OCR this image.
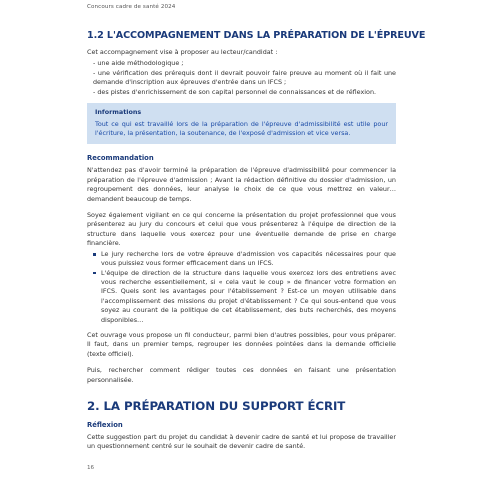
Concours cadre de santé 2024
1.2 L'ACCOMPAGNEMENT DANS LA PRÉPARATION DE L'ÉPREUVE

Cet accompagnement vise à proposer au lecteur/candidat :

- une aide méthodologique ;
- une vérification des prérequis dont il devrait pouvoir faire preuve au moment où il fait une demande d'inscription aux épreuves d'entrée dans un IFCS ;
- des pistes d'enrichissement de son capital personnel de connaissances et de réflexion.
Informations

Tout ce qui est travaillé lors de la préparation de l'épreuve d'admissibilité est utile pour l'écriture, la présentation, la soutenance, de l'exposé d'admission et vice versa.

Recommandation

N'attendez pas d'avoir terminé la préparation de l'épreuve d'admissibilité pour commencer la préparation de l'épreuve d'admission ; Avant la rédaction définitive du dossier d'admission, un regroupement des données, leur analyse le choix de ce que vous mettrez en valeur… demandent beaucoup de temps.

Soyez également vigilant en ce qui concerne la présentation du projet professionnel que vous présenterez au jury du concours et celui que vous présenterez à l'équipe de direction de la structure dans laquelle vous exercez pour une éventuelle demande de prise en charge financière.

Le jury recherche lors de votre épreuve d'admission vos capacités nécessaires pour que vous puissiez vous former efficacement dans un IFCS.
L'équipe de direction de la structure dans laquelle vous exercez lors des entretiens avec vous recherche essentiellement, si « cela vaut le coup » de financer votre formation en IFCS. Quels sont les avantages pour l'établissement ? Est-ce un moyen utilisable dans l'accomplissement des missions du projet d'établissement ? Ce qui sous-entend que vous soyez au courant de la politique de cet établissement, des buts recherchés, des moyens disponibles…

Cet ouvrage vous propose un fil conducteur, parmi bien d'autres possibles, pour vous préparer. Il faut, dans un premier temps, regrouper les données pointées dans la demande officielle (texte officiel).

Puis, rechercher comment rédiger toutes ces données en faisant une présentation personnalisée.

2. LA PRÉPARATION DU SUPPORT ÉCRIT
Réflexion

Cette suggestion part du projet du candidat à devenir cadre de santé et lui propose de travailler un questionnement centré sur le souhait de devenir cadre de santé.

16
